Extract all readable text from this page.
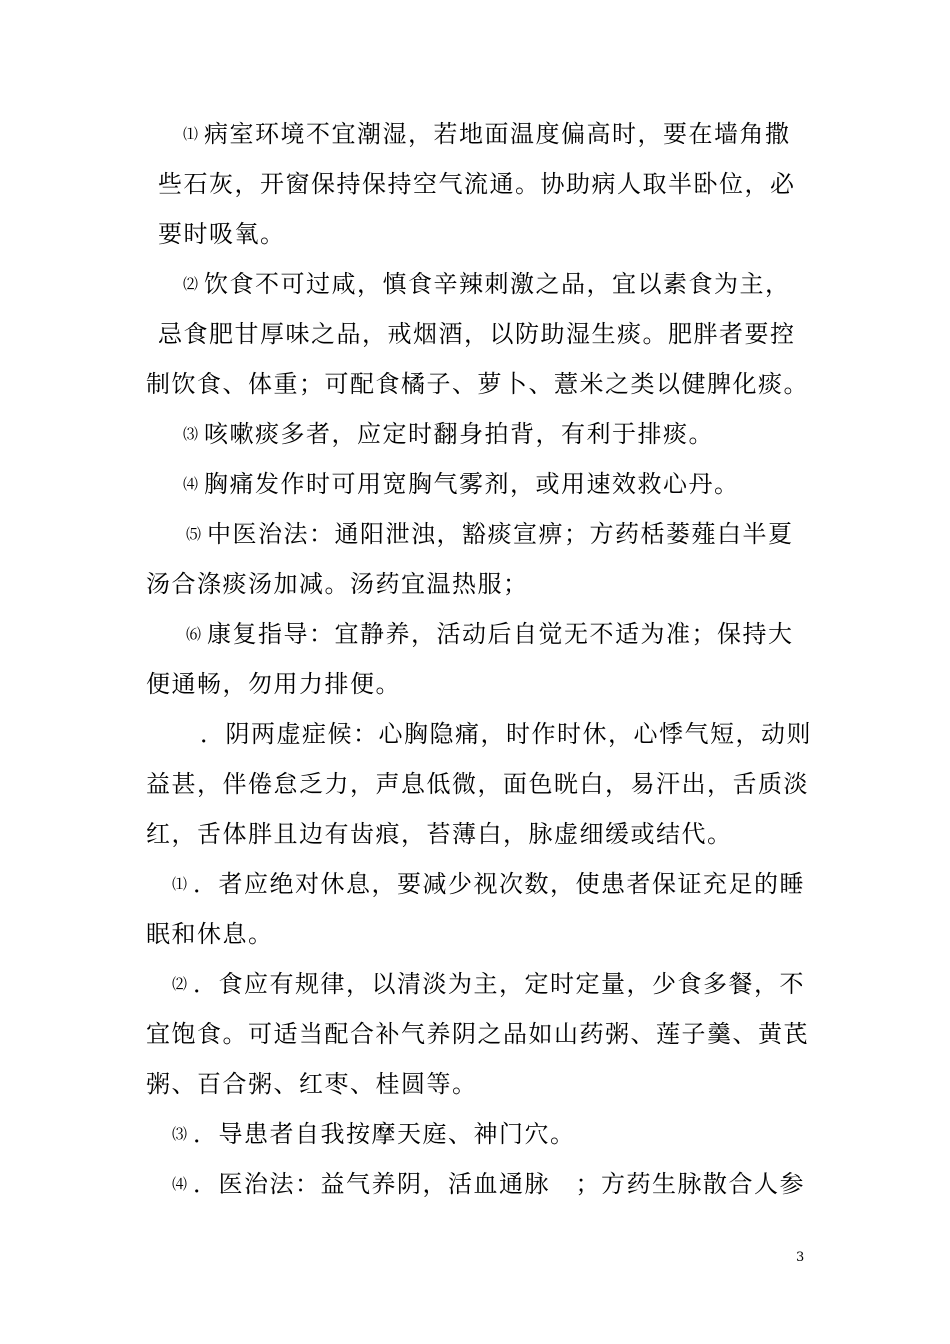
⑴ 病室环境不宜潮湿，若地面温度偏高时，要在墙角撒
些石灰，开窗保持保持空气流通。协助病人取半卧位，必
要时吸氧。
⑵ 饮食不可过咸，慎食辛辣刺激之品，宜以素食为主，
忌食肥甘厚味之品，戒烟酒，以防助湿生痰。肥胖者要控
制饮食、体重；可配食橘子、萝卜、薏米之类以健脾化痰。
⑶ 咳嗽痰多者，应定时翻身拍背，有利于排痰。
⑷ 胸痛发作时可用宽胸气雾剂，或用速效救心丹。
⑸ 中医治法：通阳泄浊，豁痰宣痹；方药栝蒌薤白半夏
汤合涤痰汤加减。汤药宜温热服；
⑹ 康复指导：宜静养，活动后自觉无不适为准；保持大
便通畅，勿用力排便。
．阴两虚症候：心胸隐痛，时作时休，心悸气短，动则
益甚，伴倦怠乏力，声息低微，面色晄白，易汗出，舌质淡
红，舌体胖且边有齿痕，苔薄白，脉虚细缓或结代。
⑴ ．者应绝对休息，要减少视次数，使患者保证充足的睡
眠和休息。
⑵ ．食应有规律，以清淡为主，定时定量，少食多餐，不
宜饱食。可适当配合补气养阴之品如山药粥、莲子羹、黄芪
粥、百合粥、红枣、桂圆等。
⑶ ．导患者自我按摩天庭、神门穴。
⑷ ．医治法：益气养阴，活血通脉　；方药生脉散合人参
3
